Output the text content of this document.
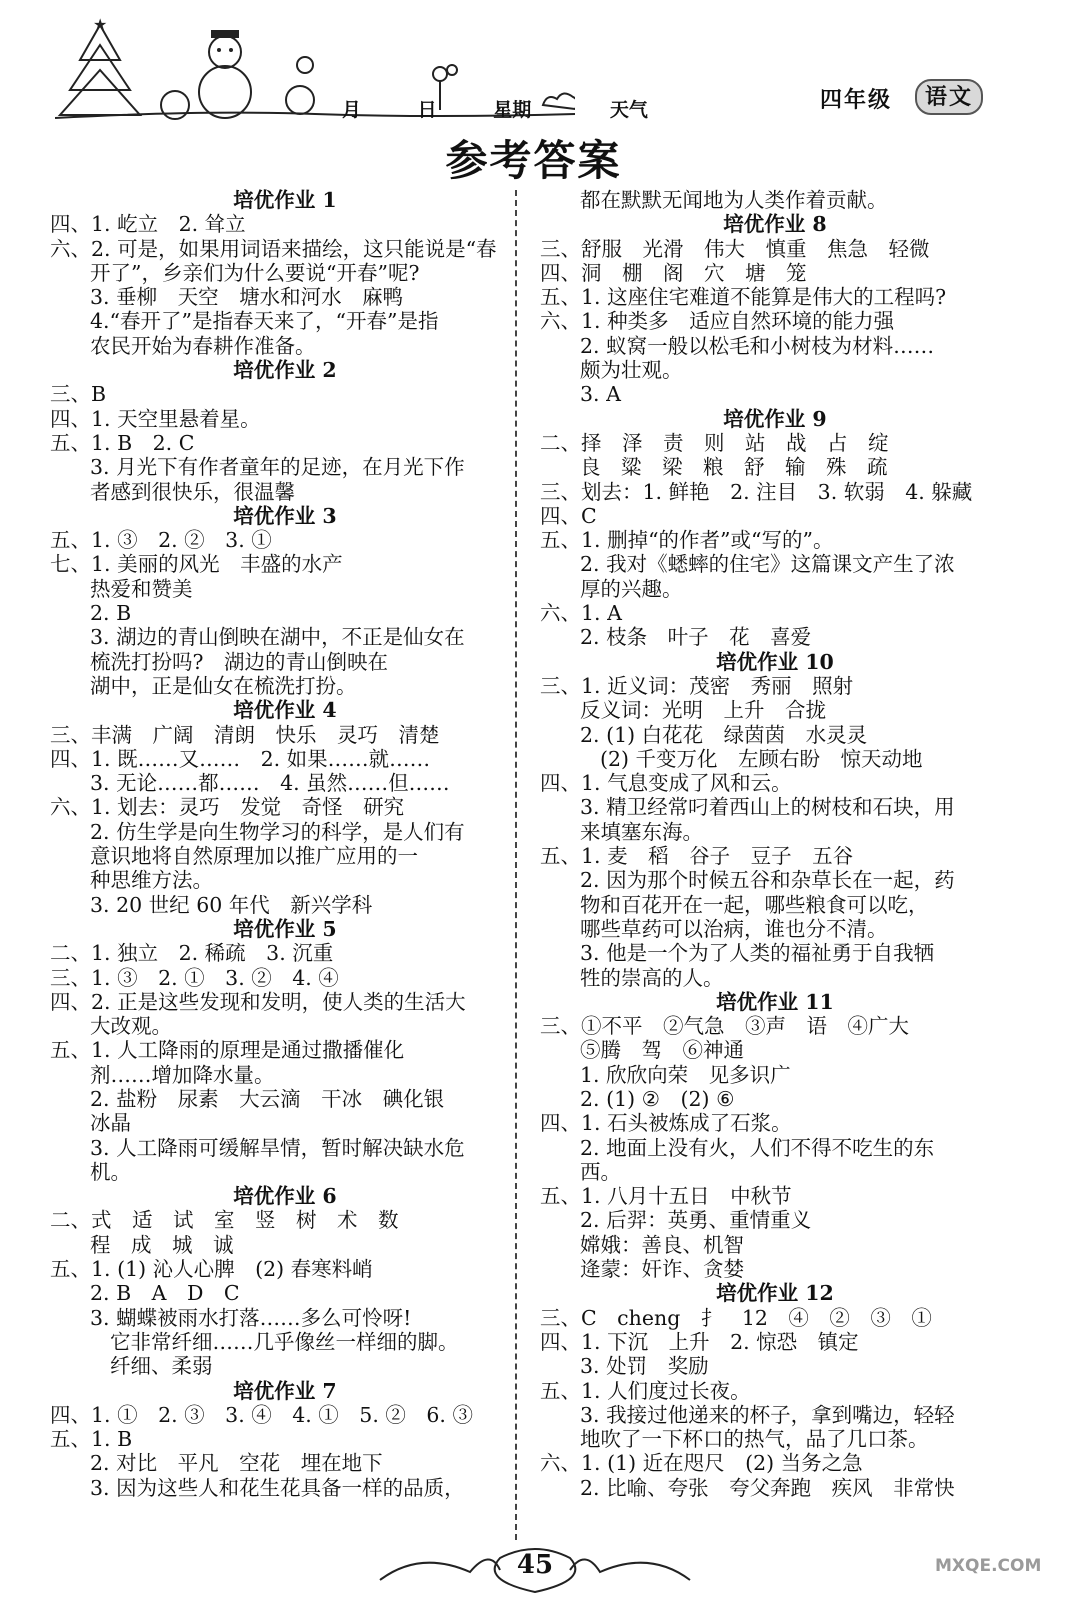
★
月	日	星期	天气	四年级	语文
参考答案
培优作业 1
四、1. 屹立　2. 耸立
六、2. 可是，如果用词语来描绘，这只能说是“春
开了”，乡亲们为什么要说“开春”呢?
3. 垂柳　天空　塘水和河水　麻鸭
4.“春开了”是指春天来了，“开春”是指
农民开始为春耕作准备。
培优作业 2
三、B
四、1. 天空里悬着星。
五、1. B　2. C
3. 月光下有作者童年的足迹，在月光下作
者感到很快乐，很温馨
培优作业 3
五、1. ③　2. ②　3. ①
七、1. 美丽的风光　丰盛的水产
热爱和赞美
2. B
3. 湖边的青山倒映在湖中，不正是仙女在
梳洗打扮吗?　湖边的青山倒映在
湖中，正是仙女在梳洗打扮。
培优作业 4
三、丰满　广阔　清朗　快乐　灵巧　清楚
四、1. 既……又……　2. 如果……就……
3. 无论……都……　4. 虽然……但……
六、1. 划去：灵巧　发觉　奇怪　研究
2. 仿生学是向生物学习的科学，是人们有
意识地将自然原理加以推广应用的一
种思维方法。
3. 20 世纪 60 年代　新兴学科
培优作业 5
二、1. 独立　2. 稀疏　3. 沉重
三、1. ③　2. ①　3. ②　4. ④
四、2. 正是这些发现和发明，使人类的生活大
大改观。
五、1. 人工降雨的原理是通过撒播催化
剂……增加降水量。
2. 盐粉　尿素　大云滴　干冰　碘化银
冰晶
3. 人工降雨可缓解旱情，暂时解决缺水危
机。
培优作业 6
二、式　适　试　室　竖　树　术　数
程　成　城　诚
五、1. (1) 沁人心脾　(2) 春寒料峭
2. B　A　D　C
3. 蝴蝶被雨水打落……多么可怜呀!
它非常纤细……几乎像丝一样细的脚。
纤细、柔弱
培优作业 7
四、1. ①　2. ③　3. ④　4. ①　5. ②　6. ③
五、1. B
2. 对比　平凡　空花　埋在地下
3. 因为这些人和花生花具备一样的品质，
都在默默无闻地为人类作着贡献。
培优作业 8
三、舒服　光滑　伟大　慎重　焦急　轻微
四、洞　棚　阁　穴　塘　笼
五、1. 这座住宅难道不能算是伟大的工程吗?
六、1. 种类多　适应自然环境的能力强
2. 蚁窝一般以松毛和小树枝为材料……
颇为壮观。
3. A
培优作业 9
二、择　泽　责　则　站　战　占　绽
良　粱　梁　粮　舒　输　殊　疏
三、划去：1. 鲜艳　2. 注目　3. 软弱　4. 躲藏
四、C
五、1. 删掉“的作者”或“写的”。
2. 我对《蟋蟀的住宅》这篇课文产生了浓
厚的兴趣。
六、1. A
2. 枝条　叶子　花　喜爱
培优作业 10
三、1. 近义词：茂密　秀丽　照射
反义词：光明　上升　合拢
2. (1) 白花花　绿茵茵　水灵灵
(2) 千变万化　左顾右盼　惊天动地
四、1. 气息变成了风和云。
3. 精卫经常叼着西山上的树枝和石块，用
来填塞东海。
五、1. 麦　稻　谷子　豆子　五谷
2. 因为那个时候五谷和杂草长在一起，药
物和百花开在一起，哪些粮食可以吃，
哪些草药可以治病，谁也分不清。
3. 他是一个为了人类的福祉勇于自我牺
牲的崇高的人。
培优作业 11
三、①不平　②气急　③声　语　④广大
⑤腾　驾　⑥神通
1. 欣欣向荣　见多识广
2. (1) ②　(2) ⑥
四、1. 石头被炼成了石浆。
2. 地面上没有火，人们不得不吃生的东
西。
五、1. 八月十五日　中秋节
2. 后羿：英勇、重情重义
嫦娥：善良、机智
逄蒙：奸诈、贪婪
培优作业 12
三、C　cheng　扌　12　④　②　③　①
四、1. 下沉　上升　2. 惊恐　镇定
3. 处罚　奖励
五、1. 人们度过长夜。
3. 我接过他递来的杯子，拿到嘴边，轻轻
地吹了一下杯口的热气，品了几口茶。
六、1. (1) 近在咫尺　(2) 当务之急
2. 比喻、夸张　夸父奔跑　疾风　非常快
45	MXQE.COM
